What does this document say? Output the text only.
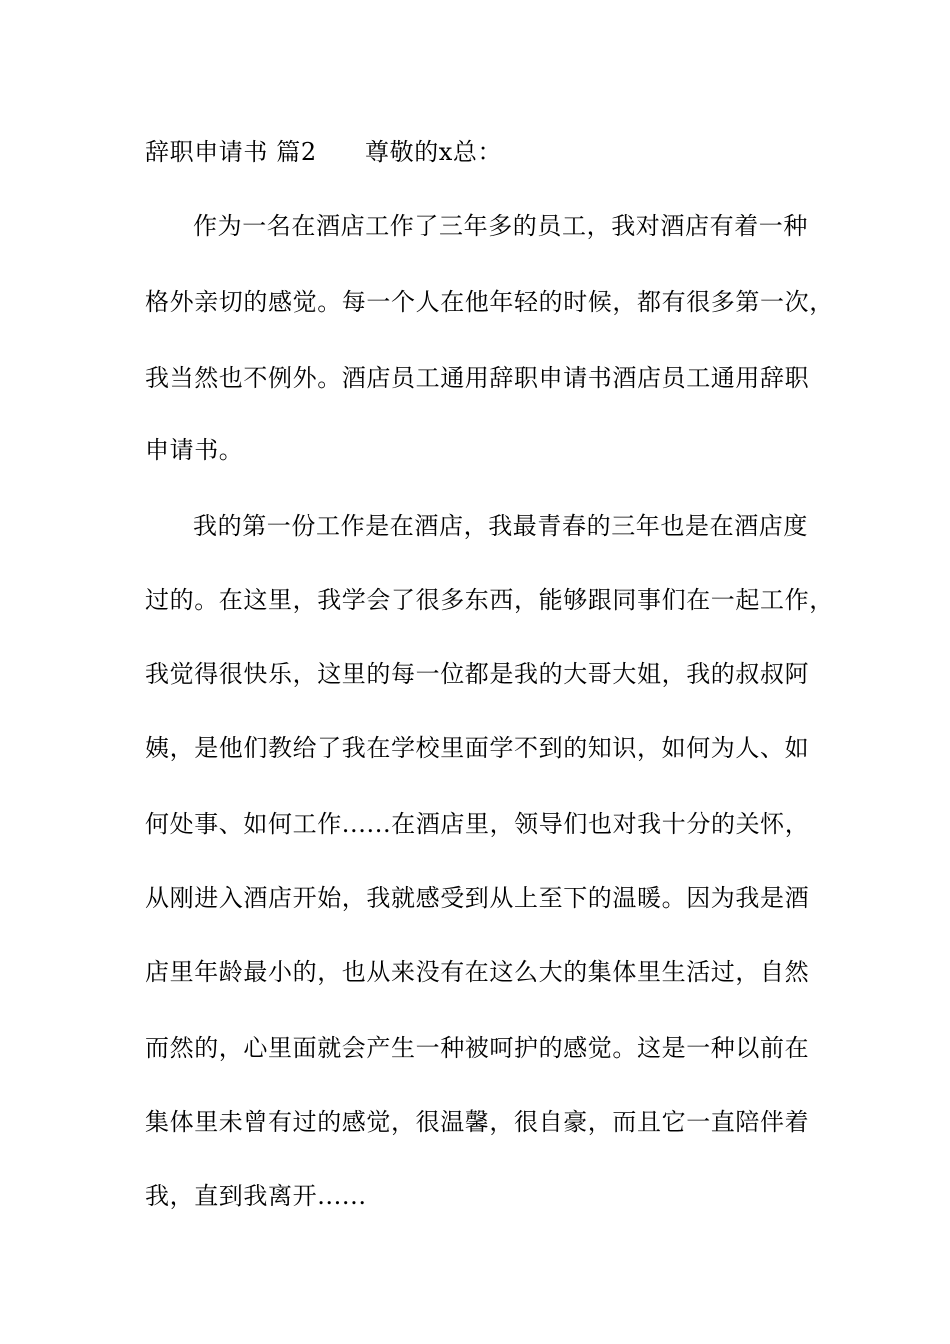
辞职申请书 篇2 尊敬的x总：
作为一名在酒店工作了三年多的员工，我对酒店有着一种
格外亲切的感觉。每一个人在他年轻的时候，都有很多第一次，
我当然也不例外。酒店员工通用辞职申请书酒店员工通用辞职
申请书。
我的第一份工作是在酒店，我最青春的三年也是在酒店度
过的。在这里，我学会了很多东西，能够跟同事们在一起工作，
我觉得很快乐，这里的每一位都是我的大哥大姐，我的叔叔阿
姨，是他们教给了我在学校里面学不到的知识，如何为人、如
何处事、如何工作......在酒店里，领导们也对我十分的关怀，
从刚进入酒店开始，我就感受到从上至下的温暖。因为我是酒
店里年龄最小的，也从来没有在这么大的集体里生活过，自然
而然的，心里面就会产生一种被呵护的感觉。这是一种以前在
集体里未曾有过的感觉，很温馨，很自豪，而且它一直陪伴着
我，直到我离开......
